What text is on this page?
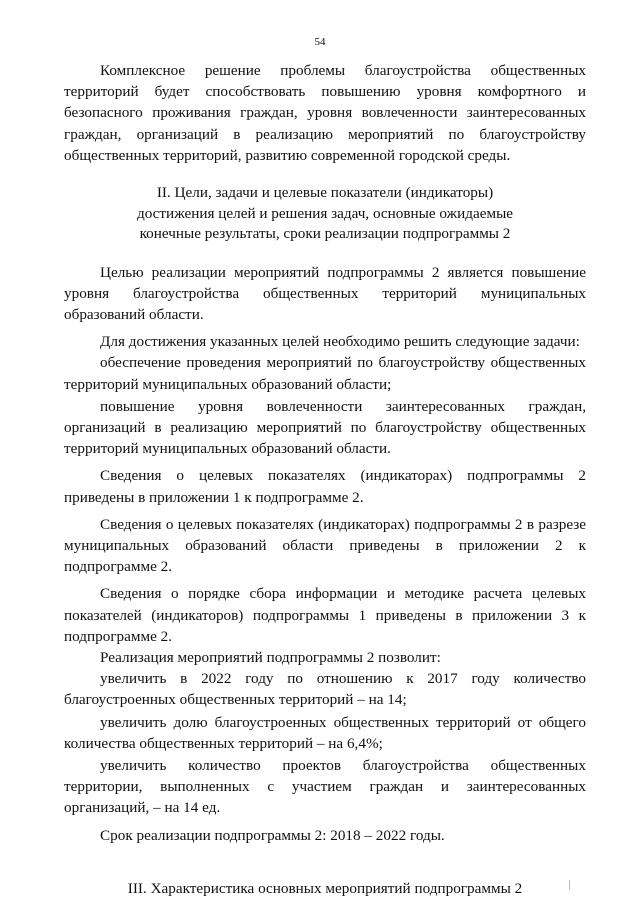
54

Комплексное решение проблемы благоустройства общественных территорий будет способствовать повышению уровня комфортного и безопасного проживания граждан, уровня вовлеченности заинтересованных граждан, организаций в реализацию мероприятий по благоустройству общественных территорий, развитию современной городской среды.

II. Цели, задачи и целевые показатели (индикаторы)
достижения целей и решения задач, основные ожидаемые
конечные результаты, сроки реализации подпрограммы 2

Целью реализации мероприятий подпрограммы 2 является повышение уровня благоустройства общественных территорий муниципальных образований области.

Для достижения указанных целей необходимо решить следующие задачи:

обеспечение проведения мероприятий по благоустройству общественных территорий муниципальных образований области;

повышение уровня вовлеченности заинтересованных граждан, организаций в реализацию мероприятий по благоустройству общественных территорий муниципальных образований области.

Сведения о целевых показателях (индикаторах) подпрограммы 2 приведены в приложении 1 к подпрограмме 2.

Сведения о целевых показателях (индикаторах) подпрограммы 2 в разрезе муниципальных образований области приведены в приложении 2 к подпрограмме 2.

Сведения о порядке сбора информации и методике расчета целевых показателей (индикаторов) подпрограммы 1 приведены в приложении 3 к подпрограмме 2.

Реализация мероприятий подпрограммы 2 позволит:

увеличить в 2022 году по отношению к 2017 году количество благоустроенных общественных территорий – на 14;

увеличить долю благоустроенных общественных территорий от общего количества общественных территорий – на 6,4%;

увеличить количество проектов благоустройства общественных территории, выполненных с участием граждан и заинтересованных организаций, – на 14 ед.

Срок реализации подпрограммы 2: 2018 – 2022 годы.

III. Характеристика основных мероприятий подпрограммы 2
